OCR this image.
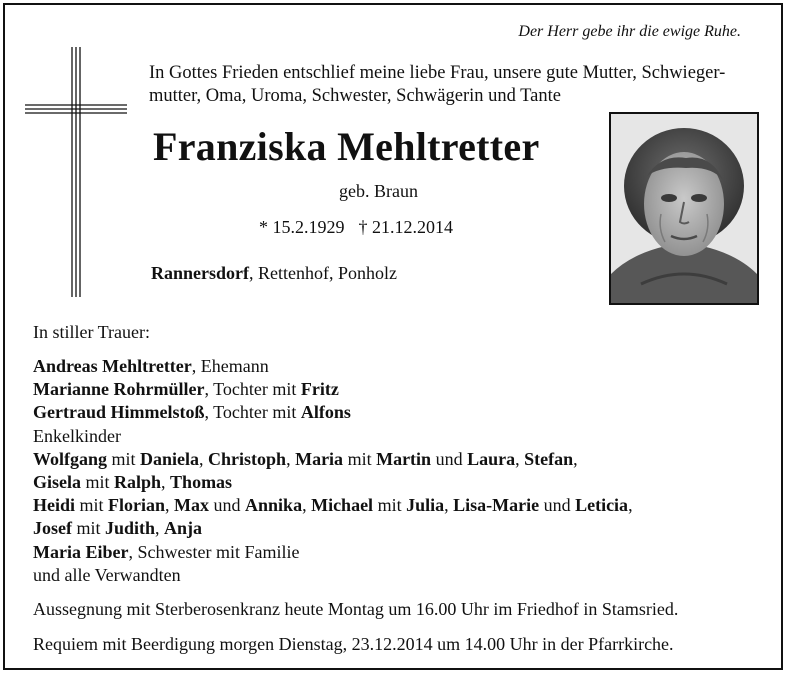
Der Herr gebe ihr die ewige Ruhe.
In Gottes Frieden entschlief meine liebe Frau, unsere gute Mutter, Schwieger-
mutter, Oma, Uroma, Schwester, Schwägerin und Tante
Franziska Mehltretter
geb. Braun
* 15.2.1929 † 21.12.2014
Rannersdorf, Rettenhof, Ponholz
In stiller Trauer:
Andreas Mehltretter, Ehemann
Marianne Rohrmüller, Tochter mit Fritz
Gertraud Himmelstoß, Tochter mit Alfons
Enkelkinder
Wolfgang mit Daniela, Christoph, Maria mit Martin und Laura, Stefan,
Gisela mit Ralph, Thomas
Heidi mit Florian, Max und Annika, Michael mit Julia, Lisa-Marie und Leticia,
Josef mit Judith, Anja
Maria Eiber, Schwester mit Familie
und alle Verwandten
Aussegnung mit Sterberosenkranz heute Montag um 16.00 Uhr im Friedhof in Stamsried.
Requiem mit Beerdigung morgen Dienstag, 23.12.2014 um 14.00 Uhr in der Pfarrkirche.
